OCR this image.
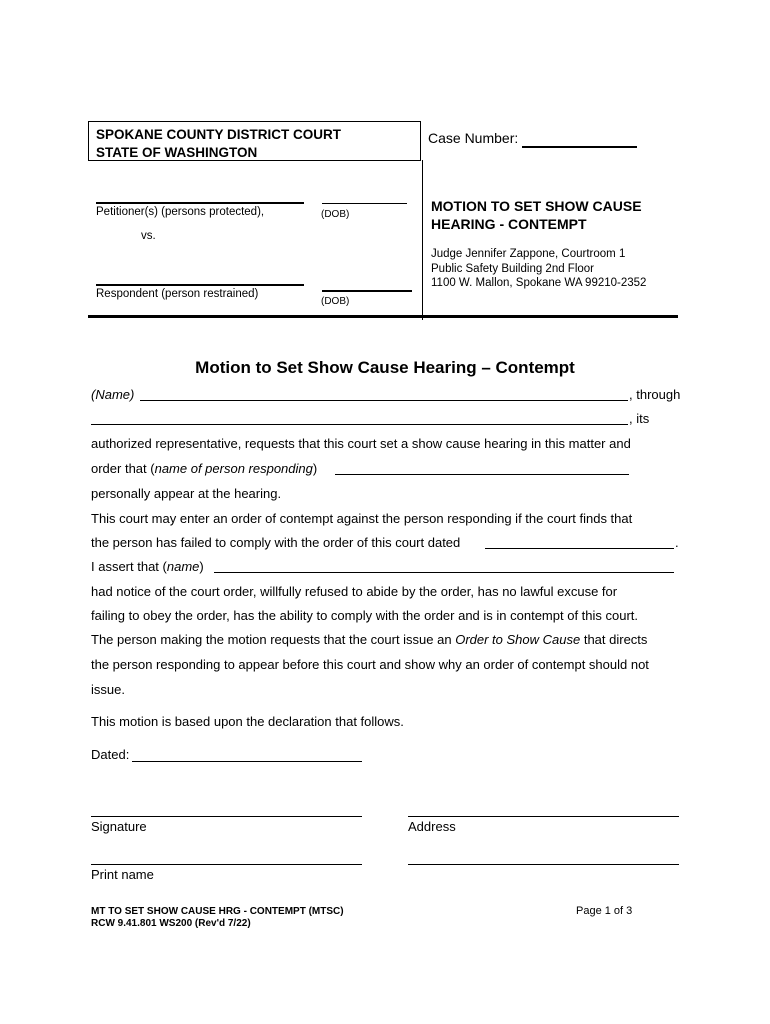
SPOKANE COUNTY DISTRICT COURT
STATE OF WASHINGTON
Case Number:
Petitioner(s) (persons protected),	(DOB)
vs.
Respondent (person restrained)
(DOB)
MOTION TO SET SHOW CAUSE
HEARING - CONTEMPT
Judge Jennifer Zappone, Courtroom 1
Public Safety Building 2nd Floor
1100 W. Mallon, Spokane WA 99210-2352
Motion to Set Show Cause Hearing – Contempt
(Name)	, through
, its
authorized representative, requests that this court set a show cause hearing in this matter and
order that (name of person responding)
personally appear at the hearing.
This court may enter an order of contempt against the person responding if the court finds that
the person has failed to comply with the order of this court dated	.
I assert that (name)
had notice of the court order, willfully refused to abide by the order, has no lawful excuse for
failing to obey the order, has the ability to comply with the order and is in contempt of this court.
The person making the motion requests that the court issue an Order to Show Cause that directs
the person responding to appear before this court and show why an order of contempt should not
issue.
This motion is based upon the declaration that follows.
Dated:
Signature	Address
Print name
MT TO SET SHOW CAUSE HRG - CONTEMPT (MTSC)
RCW 9.41.801 WS200 (Rev'd 7/22)
Page 1 of 3
